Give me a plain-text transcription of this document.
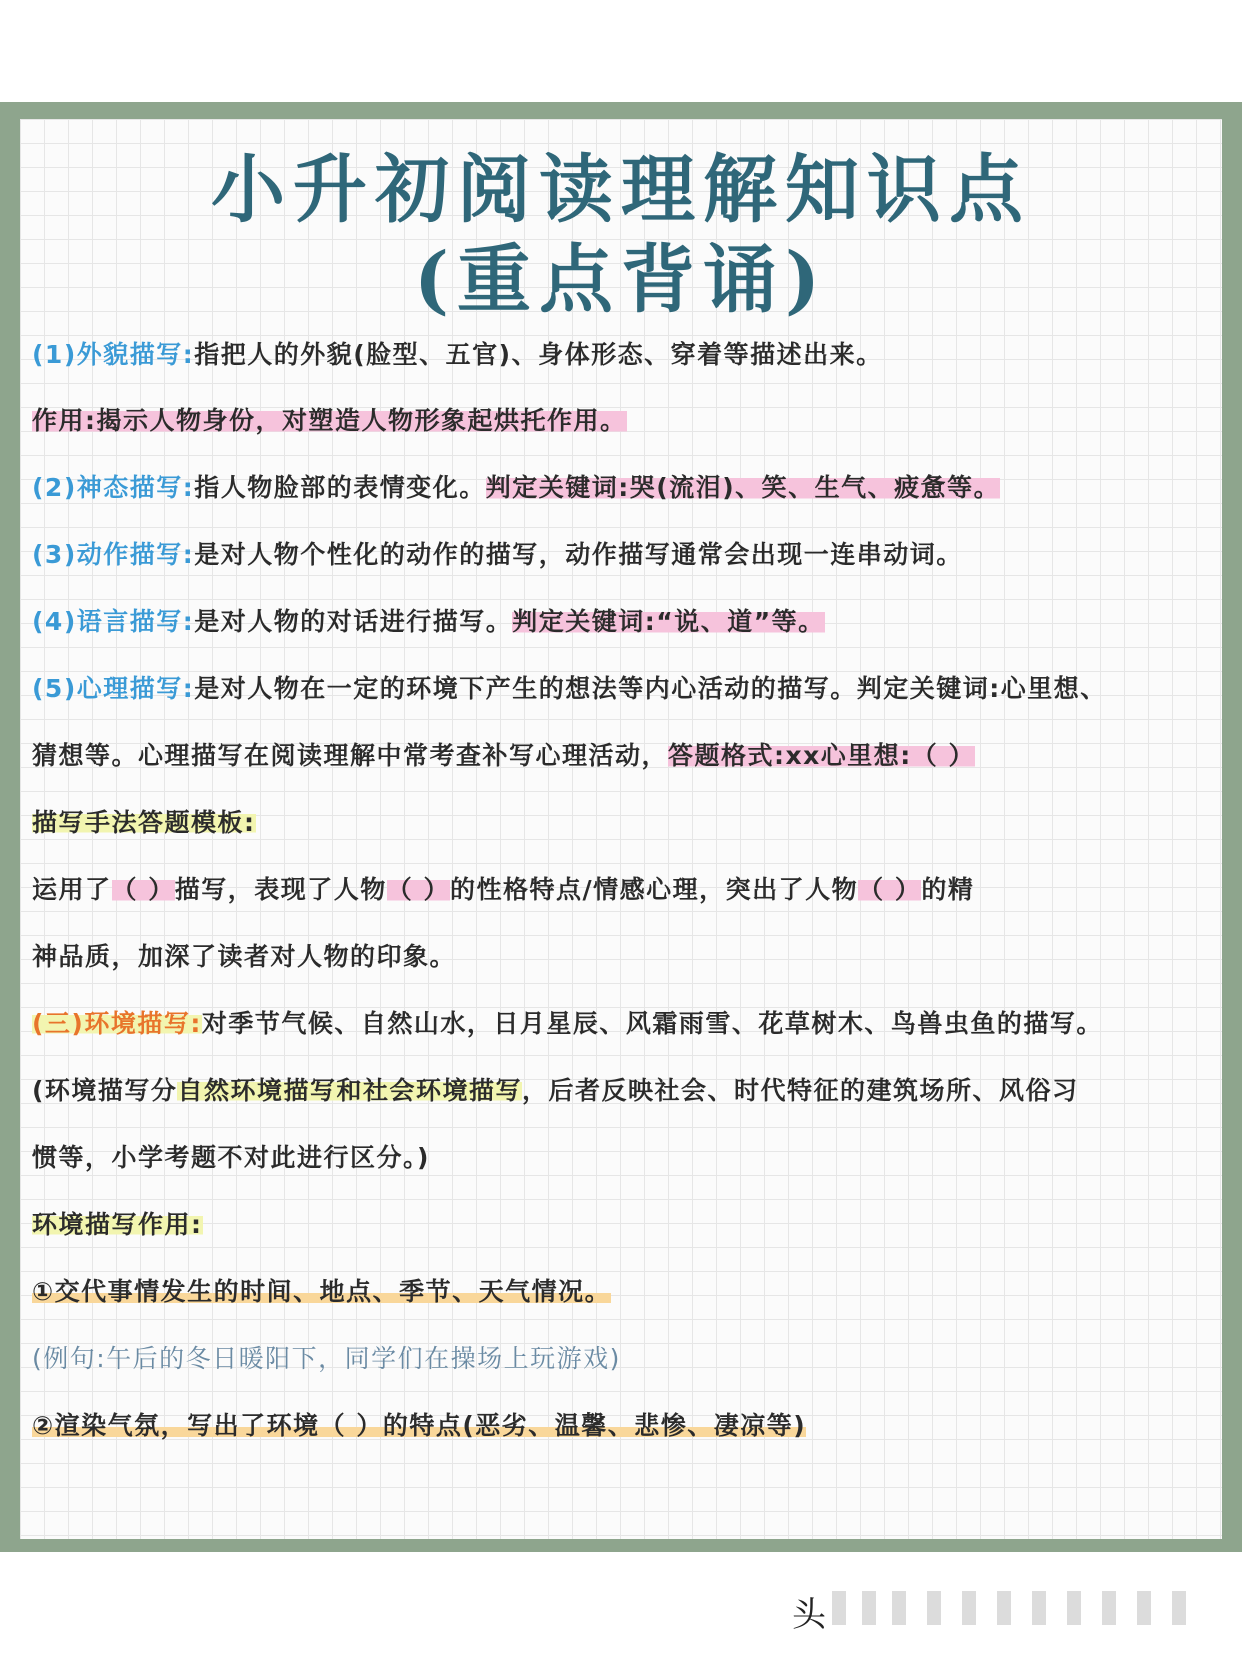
小升初阅读理解知识点
(重点背诵)
(1)外貌描写:指把人的外貌(脸型、五官)、身体形态、穿着等描述出来。
作用:揭示人物身份，对塑造人物形象起烘托作用。
(2)神态描写:指人物脸部的表情变化。判定关键词:哭(流泪)、笑、生气、疲惫等。
(3)动作描写:是对人物个性化的动作的描写，动作描写通常会出现一连串动词。
(4)语言描写:是对人物的对话进行描写。判定关键词:“说、道”等。
(5)心理描写:是对人物在一定的环境下产生的想法等内心活动的描写。判定关键词:心里想、
猜想等。心理描写在阅读理解中常考查补写心理活动，答题格式:xx心里想:（ ）
描写手法答题模板:
运用了（ ）描写，表现了人物（ ）的性格特点/情感心理，突出了人物（ ）的精
神品质，加深了读者对人物的印象。
(三)环境描写:对季节气候、自然山水，日月星辰、风霜雨雪、花草树木、鸟兽虫鱼的描写。
(环境描写分自然环境描写和社会环境描写，后者反映社会、时代特征的建筑场所、风俗习
惯等，小学考题不对此进行区分。)
环境描写作用:
①交代事情发生的时间、地点、季节、天气情况。
(例句:午后的冬日暖阳下，同学们在操场上玩游戏)
②渲染气氛，写出了环境（ ）的特点(恶劣、温馨、悲惨、凄凉等)
头
